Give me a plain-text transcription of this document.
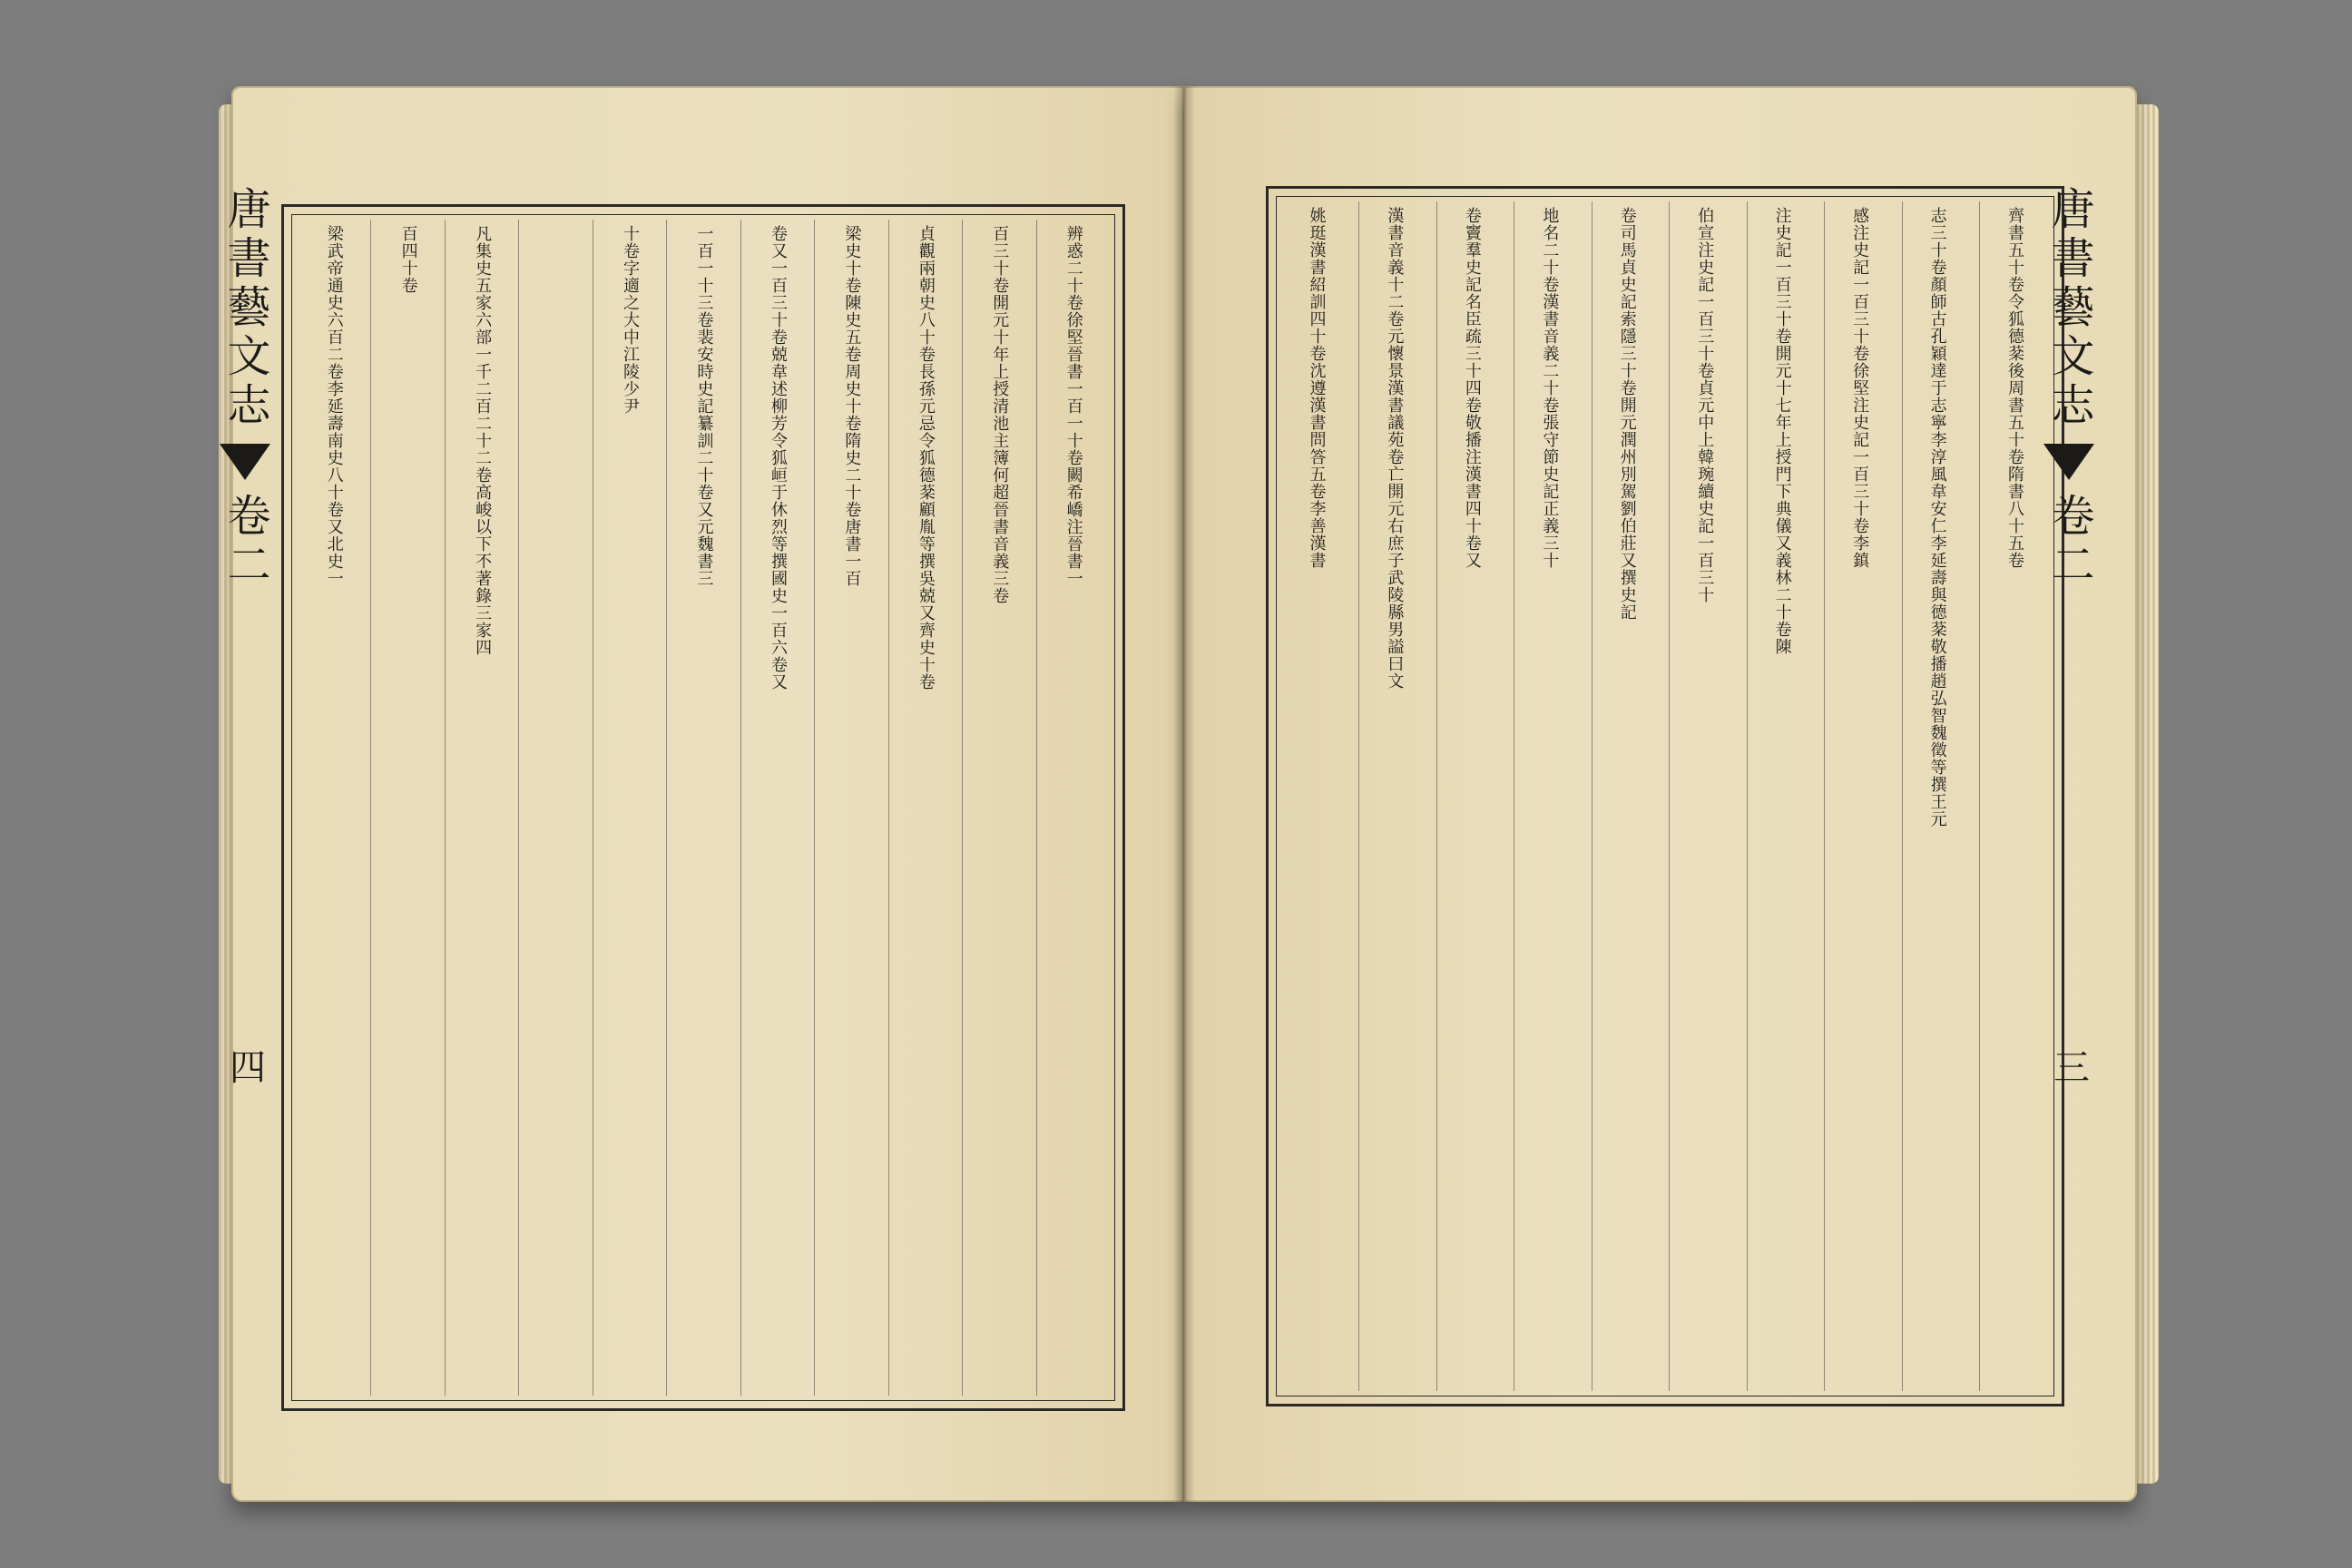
辨惑二十卷徐堅晉書一百一十卷闕希嶠注晉書一
百三十卷開元十年上授清池主簿何超晉書音義三卷
貞觀兩朝史八十卷長孫元忌令狐德棻顧胤等撰吳兢又齊史十卷
梁史十卷陳史五卷周史十卷隋史二十卷唐書一百
卷又一百三十卷兢韋述柳芳令狐峘于休烈等撰國史一百六卷又
一百一十三卷裴安時史記纂訓二十卷又元魏書三
十卷字適之大中江陵少尹
凡集史五家六部一千二百二十二卷高峻以下不著錄三家四
百四十卷
梁武帝通史六百二卷李延壽南史八十卷又北史一	齊書五十卷令狐德棻後周書五十卷隋書八十五卷
志三十卷顏師古孔穎達于志寧李淳風韋安仁李延壽與德棻敬播趙弘智魏徵等撰王元
感注史記一百三十卷徐堅注史記一百三十卷李鎮
注史記一百三十卷開元十七年上授門下典儀又義林二十卷陳
伯宣注史記一百三十卷貞元中上韓琬續史記一百三十
卷司馬貞史記索隱三十卷開元潤州別駕劉伯莊又撰史記
地名二十卷漢書音義二十卷張守節史記正義三十
卷竇羣史記名臣疏三十四卷敬播注漢書四十卷又
漢書音義十二卷元懷景漢書議苑卷亡開元右庶子武陵縣男謚曰文
姚珽漢書紹訓四十卷沈遵漢書問答五卷李善漢書
唐書藝文志
卷二
四
唐書藝文志
卷二
三
